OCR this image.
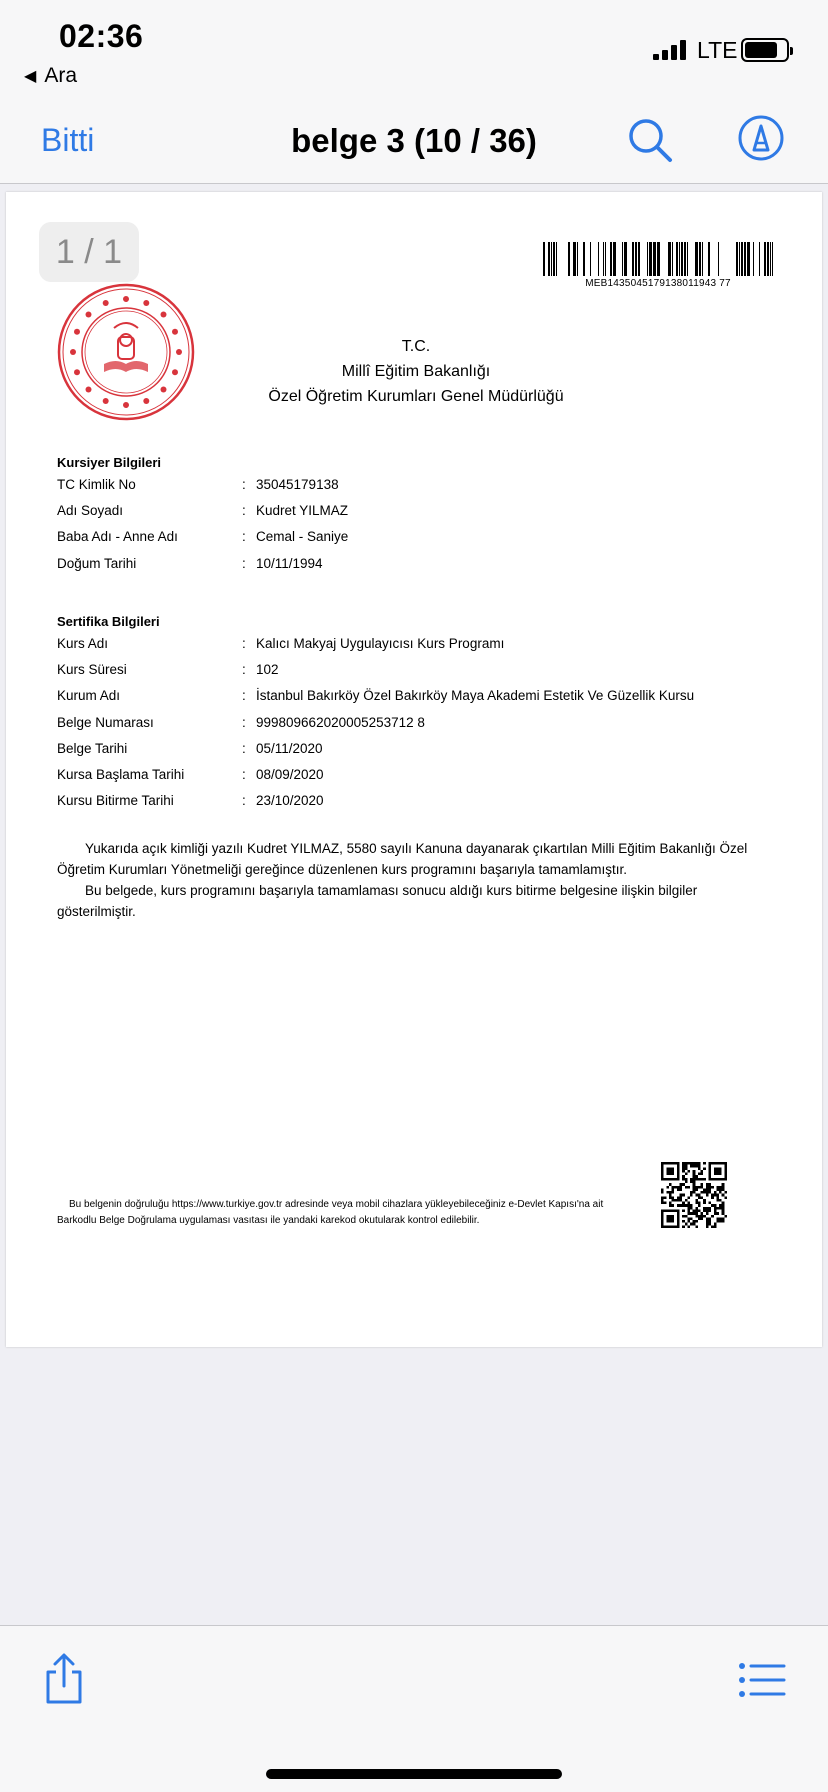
02:36
◀ Ara
LTE
Bitti	belge 3 (10 / 36)
1 / 1
MEB1435045179138011943 77
T.C.
Millî Eğitim Bakanlığı
Özel Öğretim Kurumları Genel Müdürlüğü
Kursiyer Bilgileri
TC Kimlik No	: 35045179138
Adı Soyadı	: Kudret YILMAZ
Baba Adı - Anne Adı	: Cemal - Saniye
Doğum Tarihi	: 10/11/1994
Sertifika Bilgileri
Kurs Adı	: Kalıcı Makyaj Uygulayıcısı Kurs Programı
Kurs Süresi	: 102
Kurum Adı	: İstanbul Bakırköy Özel Bakırköy Maya Akademi Estetik Ve Güzellik Kursu
Belge Numarası	: 999809662020005253712 8
Belge Tarihi	: 05/11/2020
Kursa Başlama Tarihi	: 08/09/2020
Kursu Bitirme Tarihi	: 23/10/2020

Yukarıda açık kimliği yazılı Kudret YILMAZ, 5580 sayılı Kanuna dayanarak çıkartılan Milli Eğitim Bakanlığı Özel Öğretim Kurumları Yönetmeliği gereğince düzenlenen kurs programını başarıyla tamamlamıştır.

Bu belgede, kurs programını başarıyla tamamlaması sonucu aldığı kurs bitirme belgesine ilişkin bilgiler gösterilmiştir.

Bu belgenin doğruluğu https://www.turkiye.gov.tr adresinde veya mobil cihazlara yükleyebileceğiniz e-Devlet Kapısı'na ait Barkodlu Belge Doğrulama uygulaması vasıtası ile yandaki karekod okutularak kontrol edilebilir.
